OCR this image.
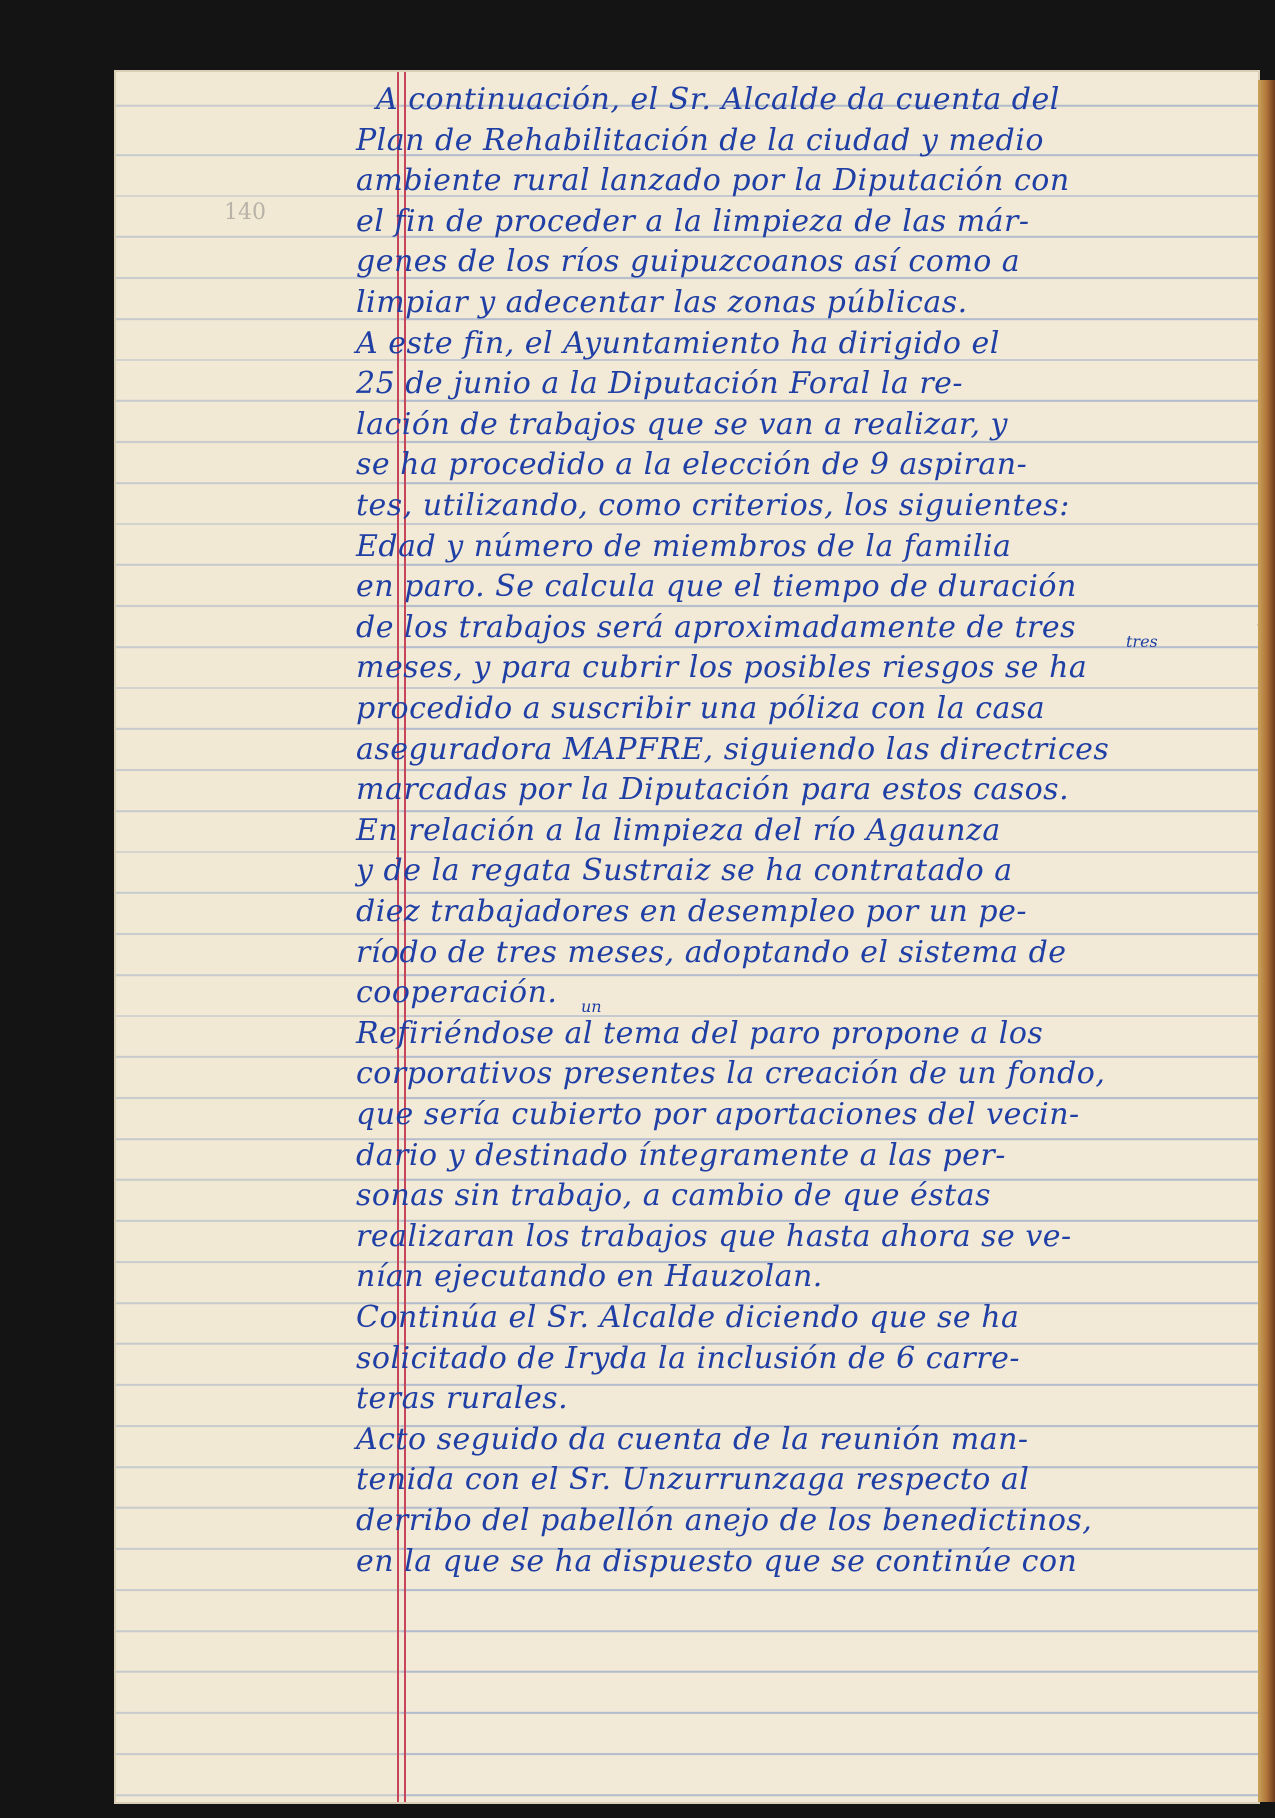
140
A continuación, el Sr. Alcalde da cuenta del
Plan de Rehabilitación de la ciudad y medio
ambiente rural lanzado por la Diputación con
el fin de proceder a la limpieza de las már-
genes de los ríos guipuzcoanos así como a
limpiar y adecentar las zonas públicas.
A este fin, el Ayuntamiento ha dirigido el
25 de junio a la Diputación Foral la re-
lación de trabajos que se van a realizar, y
se ha procedido a la elección de 9 aspiran-
tes, utilizando, como criterios, los siguientes:
Edad y número de miembros de la familia
en paro. Se calcula que el tiempo de duración
de los trabajos será aproximadamente de tres
meses, y para cubrir los posibles riesgos se ha
procedido a suscribir una póliza con la casa
aseguradora MAPFRE, siguiendo las directrices
marcadas por la Diputación para estos casos.
En relación a la limpieza del río Agaunza
y de la regata Sustraiz se ha contratado a
diez trabajadores en desempleo por un pe-
ríodo de tres meses, adoptando el sistema de
cooperación.
Refiriéndose al tema del paro propone a los
corporativos presentes la creación de un fondo,
que sería cubierto por aportaciones del vecin-
dario y destinado íntegramente a las per-
sonas sin trabajo, a cambio de que éstas
realizaran los trabajos que hasta ahora se ve-
nían ejecutando en Hauzolan.
Continúa el Sr. Alcalde diciendo que se ha
solicitado de Iryda la inclusión de 6 carre-
teras rurales.
Acto seguido da cuenta de la reunión man-
tenida con el Sr. Unzurrunzaga respecto al
derribo del pabellón anejo de los benedictinos,
en la que se ha dispuesto que se continúe con
tres
un
